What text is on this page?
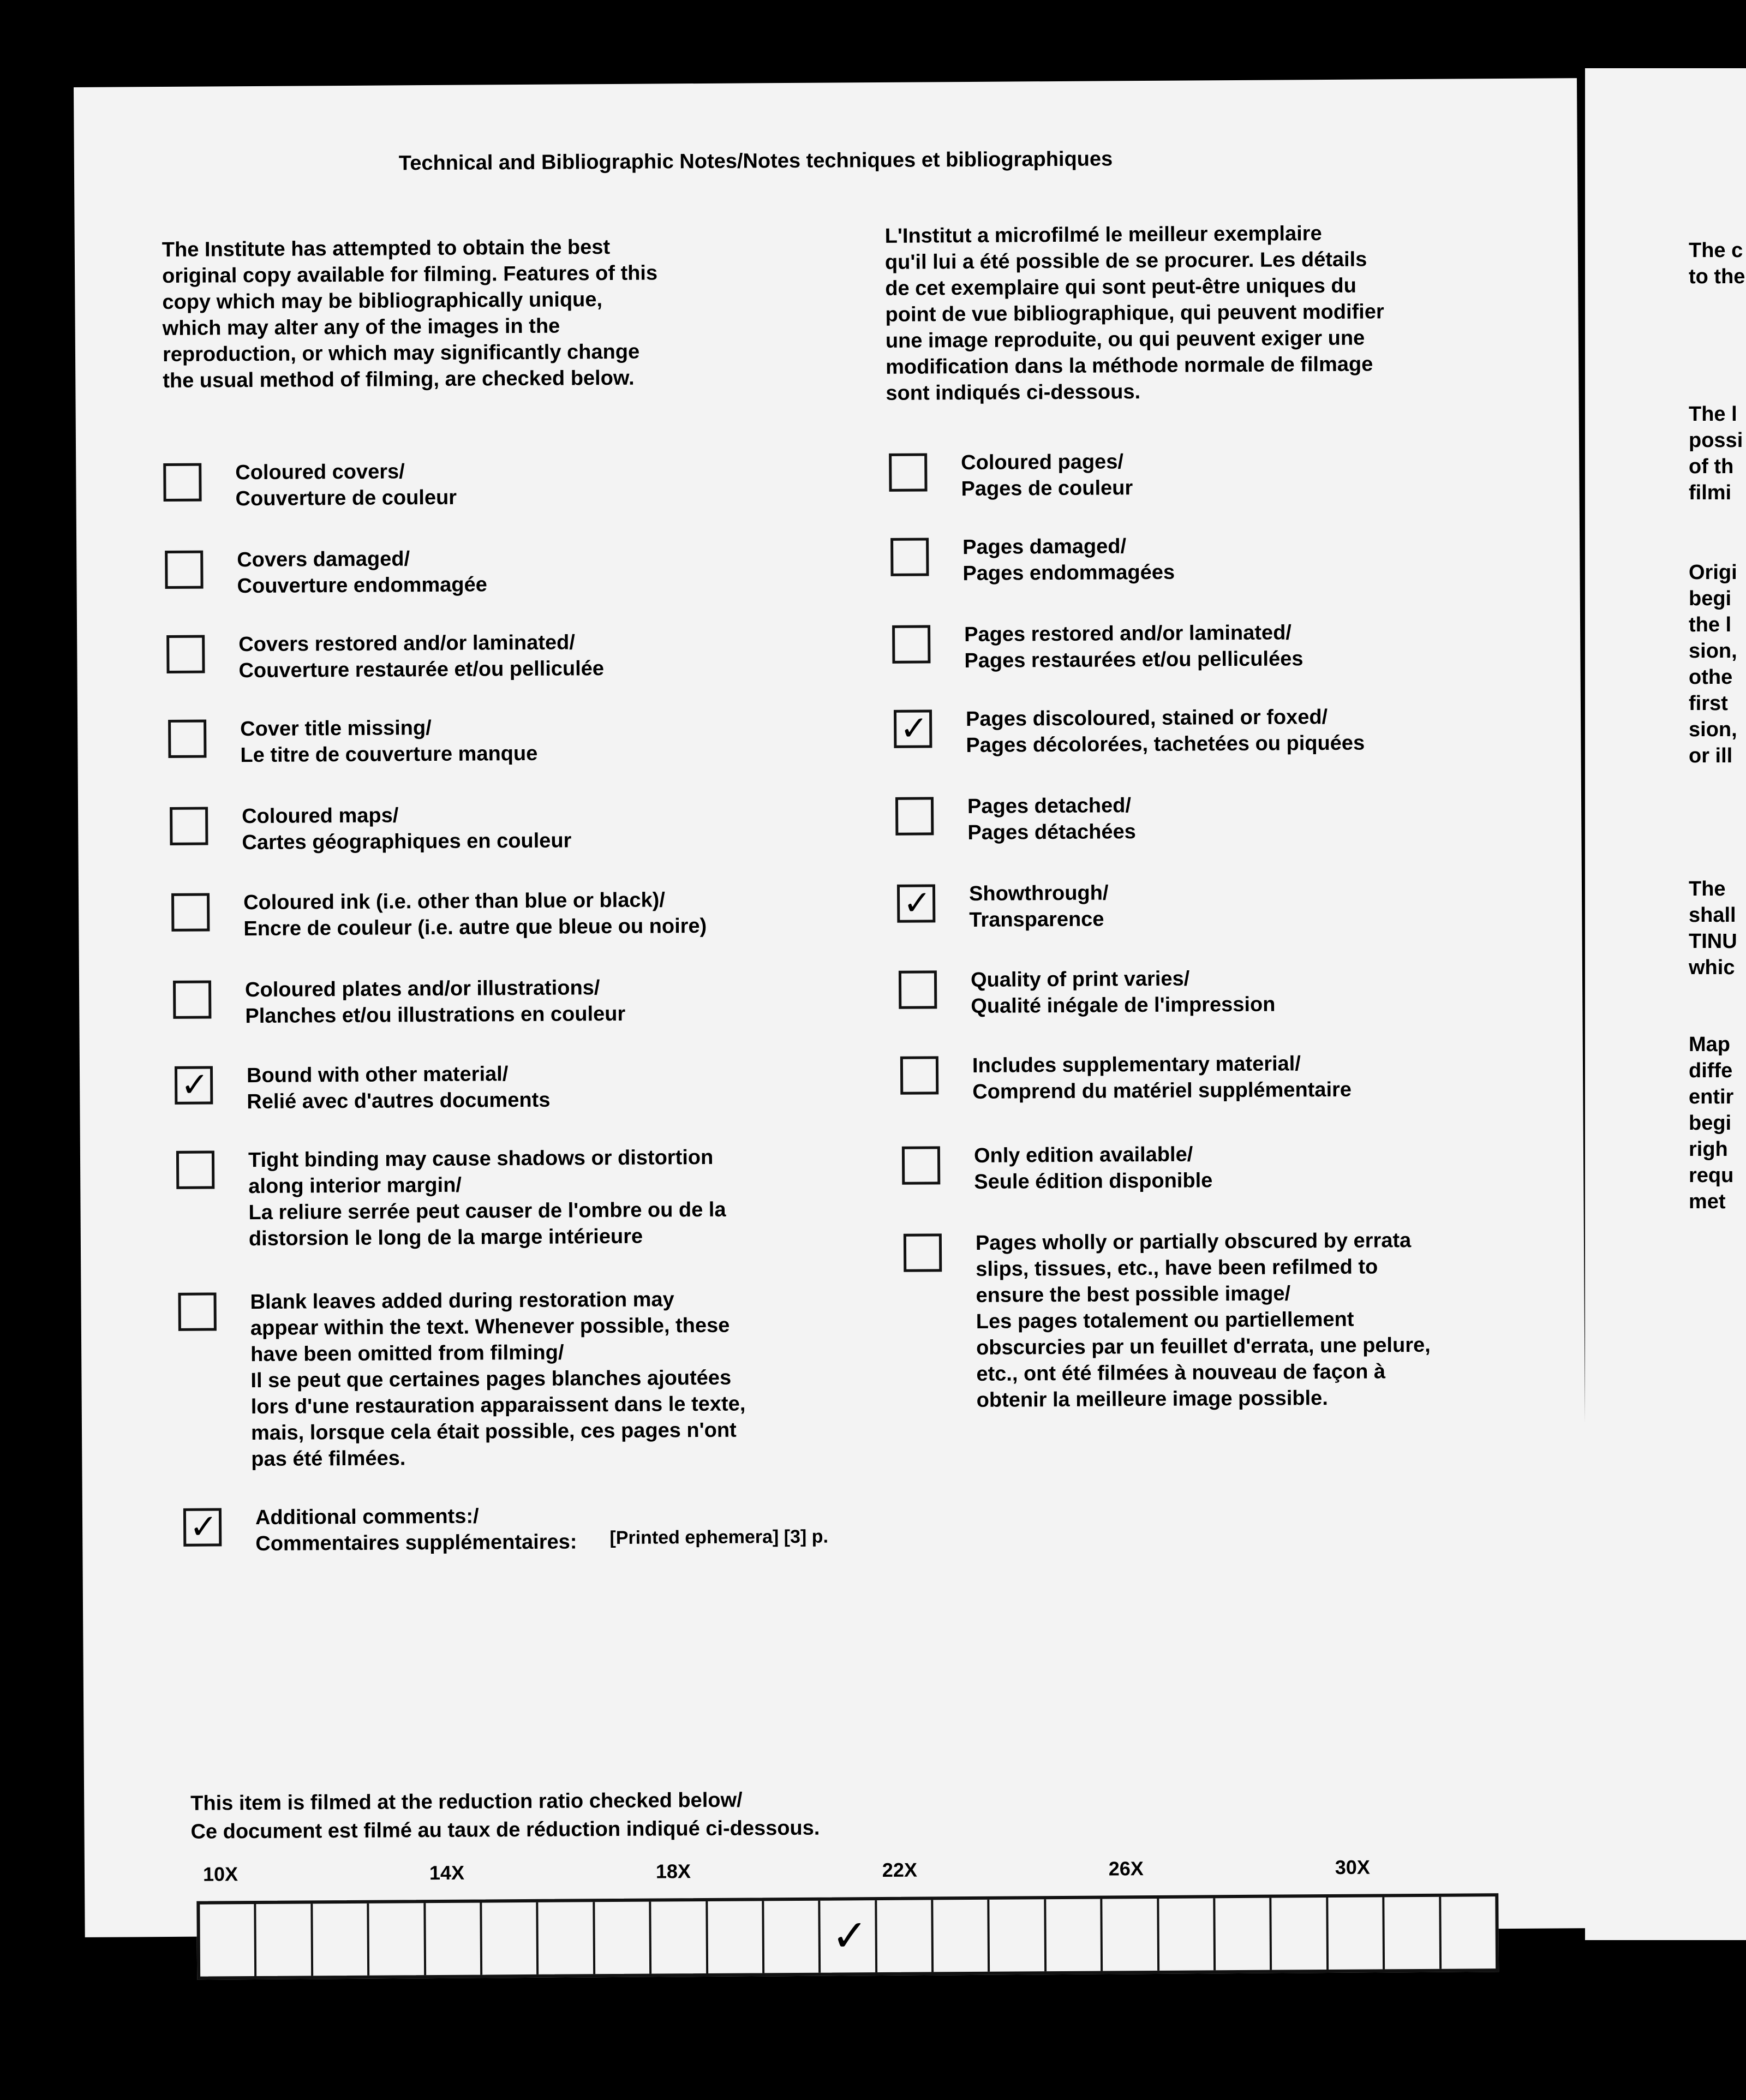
Technical and Bibliographic Notes/Notes techniques et bibliographiques
The Institute has attempted to obtain the best
original copy available for filming. Features of this
copy which may be bibliographically unique,
which may alter any of the images in the
reproduction, or which may significantly change
the usual method of filming, are checked below.
L'Institut a microfilmé le meilleur exemplaire
qu'il lui a été possible de se procurer. Les détails
de cet exemplaire qui sont peut-être uniques du
point de vue bibliographique, qui peuvent modifier
une image reproduite, ou qui peuvent exiger une
modification dans la méthode normale de filmage
sont indiqués ci-dessous.
Coloured covers/
Couverture de couleur
Covers damaged/
Couverture endommagée
Covers restored and/or laminated/
Couverture restaurée et/ou pelliculée
Cover title missing/
Le titre de couverture manque
Coloured maps/
Cartes géographiques en couleur
Coloured ink (i.e. other than blue or black)/
Encre de couleur (i.e. autre que bleue ou noire)
Coloured plates and/or illustrations/
Planches et/ou illustrations en couleur
✓ Bound with other material/
Relié avec d'autres documents
Tight binding may cause shadows or distortion
along interior margin/
La reliure serrée peut causer de l'ombre ou de la
distorsion le long de la marge intérieure
Blank leaves added during restoration may
appear within the text. Whenever possible, these
have been omitted from filming/
Il se peut que certaines pages blanches ajoutées
lors d'une restauration apparaissent dans le texte,
mais, lorsque cela était possible, ces pages n'ont
pas été filmées.
Coloured pages/
Pages de couleur
Pages damaged/
Pages endommagées
Pages restored and/or laminated/
Pages restaurées et/ou pelliculées
✓ Pages discoloured, stained or foxed/
Pages décolorées, tachetées ou piquées
Pages detached/
Pages détachées
✓ Showthrough/
Transparence
Quality of print varies/
Qualité inégale de l'impression
Includes supplementary material/
Comprend du matériel supplémentaire
Only edition available/
Seule édition disponible
Pages wholly or partially obscured by errata
slips, tissues, etc., have been refilmed to
ensure the best possible image/
Les pages totalement ou partiellement
obscurcies par un feuillet d'errata, une pelure,
etc., ont été filmées à nouveau de façon à
obtenir la meilleure image possible.
✓ Additional comments:/
Commentaires supplémentaires: [Printed ephemera] [3] p.
This item is filmed at the reduction ratio checked below/
Ce document est filmé au taux de réduction indiqué ci-dessous.
10X	14X	18X	22X	26X	30X
12X	16X	20X	24X	28X	32X
✓
The c
to the
The l
possi
of th
filmi
Origi
begi
the l
sion,
othe
first
sion,
or ill
The
shall
TINU
whic
Map
diffe
entir
begi
righ
requ
met
